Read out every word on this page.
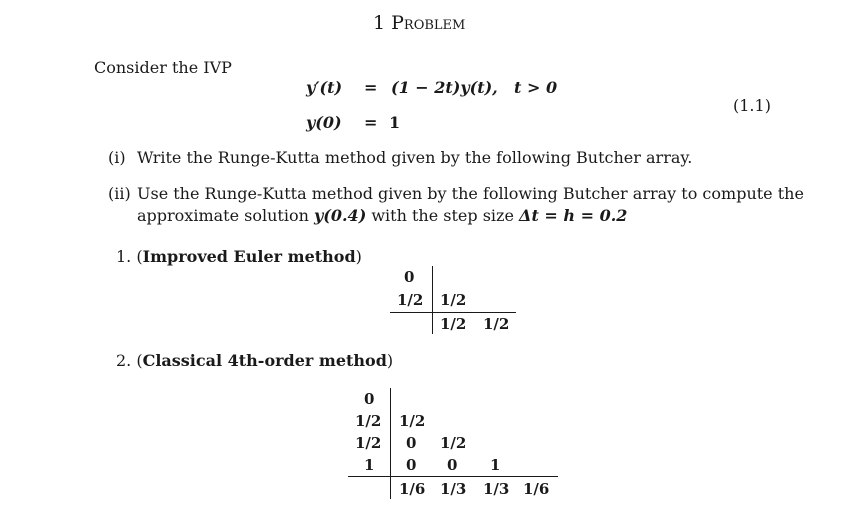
1 Problem
Consider the IVP
y′(t) = (1 − 2t)y(t), t > 0
(1.1)
y(0) = 1
(i) Write the Runge-Kutta method given by the following Butcher array.
(ii) Use the Runge-Kutta method given by the following Butcher array to compute the
approximate solution y(0.4) with the step size Δt = h = 0.2
1. (Improved Euler method)
0
1/2 1/2
1/2 1/2
2. (Classical 4th-order method)
0
1/2
1/2
1
1/2
0 1/2
0 0 1
1/6 1/3 1/3 1/6
